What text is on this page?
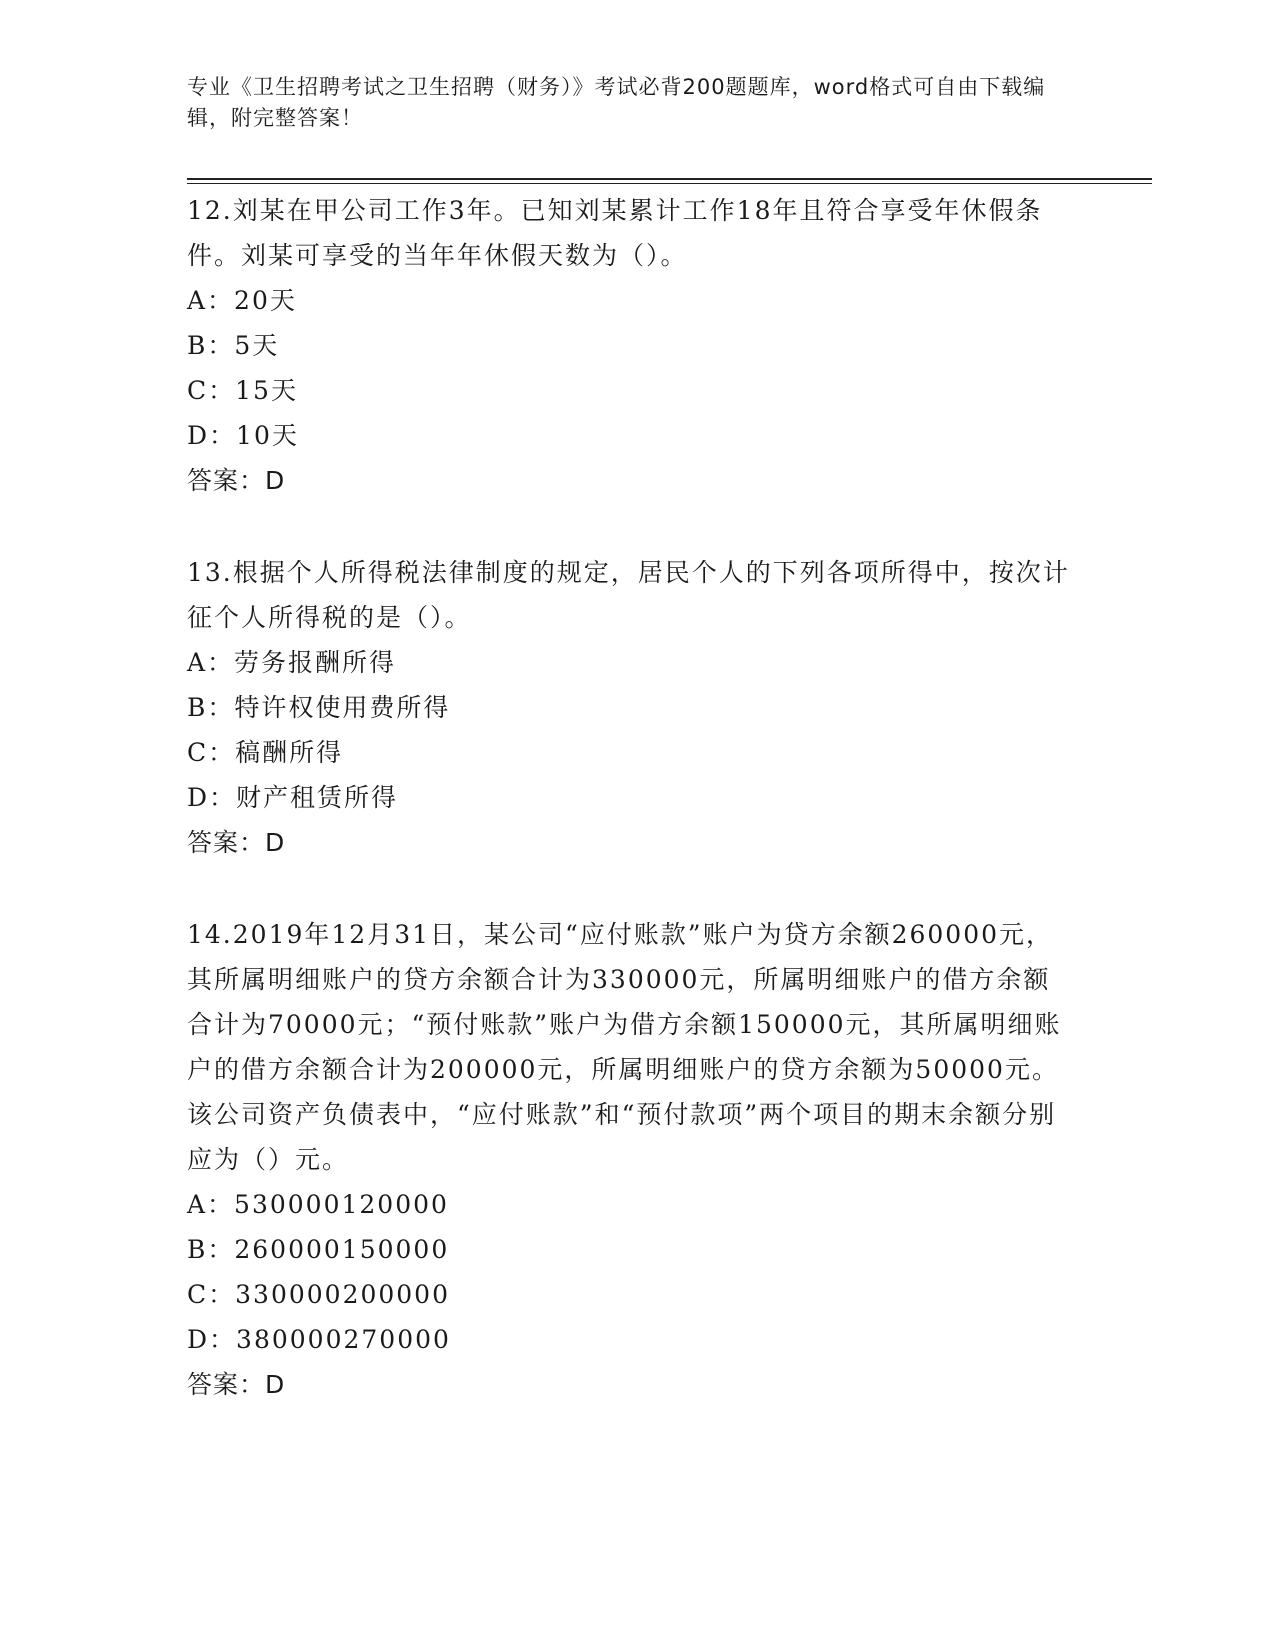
专业《卫生招聘考试之卫生招聘（财务）》考试必背200题题库，word格式可自由下载编辑，附完整答案！

12.刘某在甲公司工作3年。已知刘某累计工作18年且符合享受年休假条件。刘某可享受的当年年休假天数为（）。

A：20天
B：5天
C：15天
D：10天
答案：D

13.根据个人所得税法律制度的规定，居民个人的下列各项所得中，按次计征个人所得税的是（）。

A：劳务报酬所得
B：特许权使用费所得
C：稿酬所得
D：财产租赁所得
答案：D

14.2019年12月31日，某公司“应付账款”账户为贷方余额260000元，其所属明细账户的贷方余额合计为330000元，所属明细账户的借方余额合计为70000元；“预付账款”账户为借方余额150000元，其所属明细账户的借方余额合计为200000元，所属明细账户的贷方余额为50000元。该公司资产负债表中，“应付账款”和“预付款项”两个项目的期末余额分别应为（）元。

A：530000120000
B：260000150000
C：330000200000
D：380000270000
答案：D
